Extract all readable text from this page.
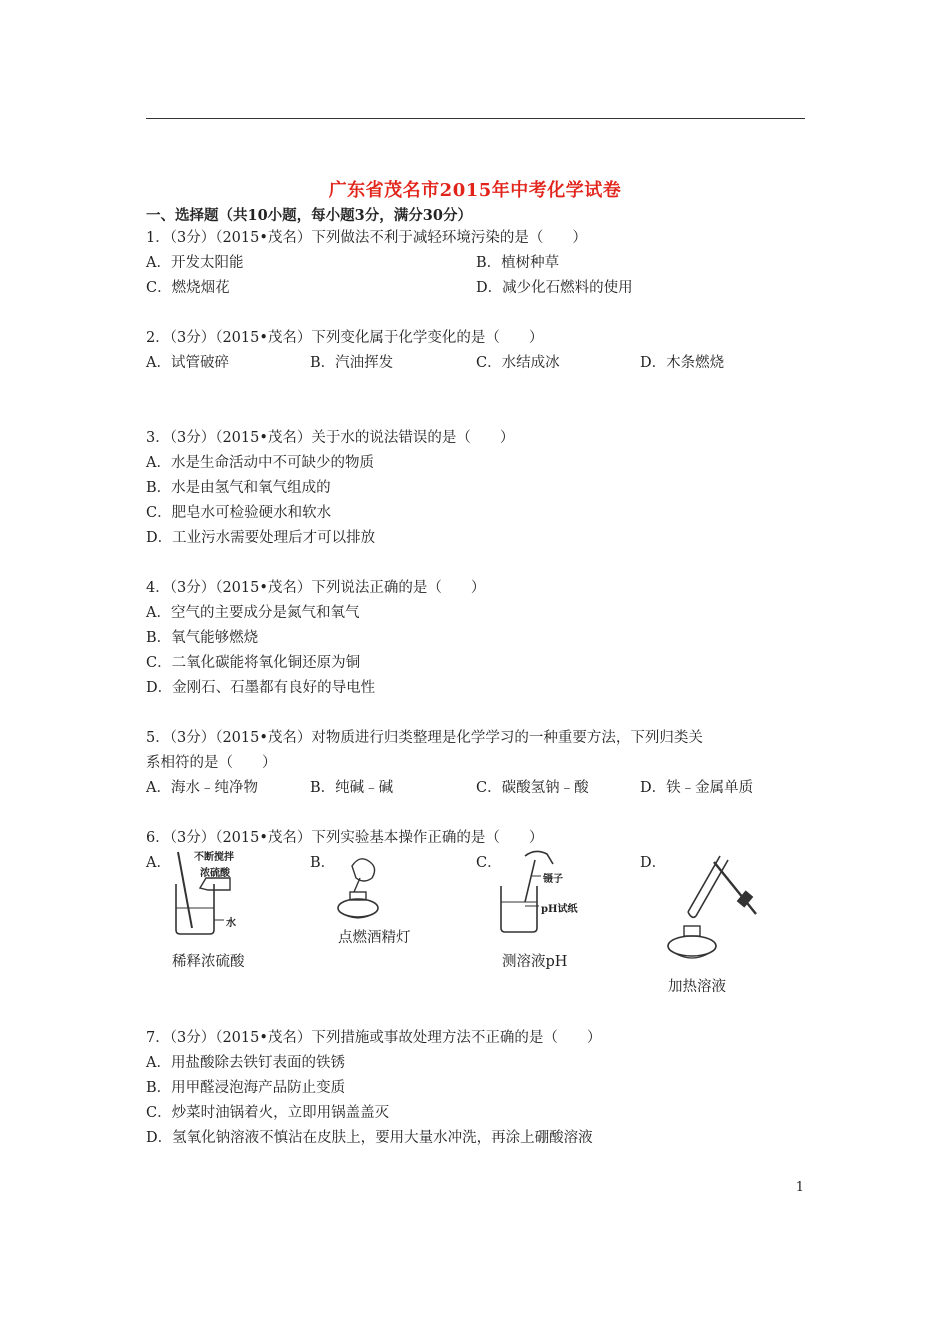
广东省茂名市2015年中考化学试卷
一、选择题（共10小题，每小题3分，满分30分）
1．（3分）（2015•茂名）下列做法不利于减轻环境污染的是（　　）
A．开发太阳能	B．植树种草
C．燃烧烟花	D．减少化石燃料的使用
2．（3分）（2015•茂名）下列变化属于化学变化的是（　　）
A．试管破碎	B．汽油挥发	C．水结成冰	D．木条燃烧
3．（3分）（2015•茂名）关于水的说法错误的是（　　）
A．水是生命活动中不可缺少的物质
B．水是由氢气和氧气组成的
C．肥皂水可检验硬水和软水
D．工业污水需要处理后才可以排放
4．（3分）（2015•茂名）下列说法正确的是（　　）
A．空气的主要成分是氮气和氧气
B．氧气能够燃烧
C．二氧化碳能将氧化铜还原为铜
D．金刚石、石墨都有良好的导电性
5．（3分）（2015•茂名）对物质进行归类整理是化学学习的一种重要方法，下列归类关
系相符的是（　　）
A．海水﹣纯净物	B．纯碱﹣碱	C．碳酸氢钠﹣酸	D．铁﹣金属单质
6．（3分）（2015•茂名）下列实验基本操作正确的是（　　）
A．	B．	C．	D．
不断搅拌
浓硫酸
水
稀释浓硫酸
点燃酒精灯
镊子
pH试纸
测溶液pH
加热溶液
7．（3分）（2015•茂名）下列措施或事故处理方法不正确的是（　　）
A．用盐酸除去铁钉表面的铁锈
B．用甲醛浸泡海产品防止变质
C．炒菜时油锅着火，立即用锅盖盖灭
D．氢氧化钠溶液不慎沾在皮肤上，要用大量水冲洗，再涂上硼酸溶液
1
